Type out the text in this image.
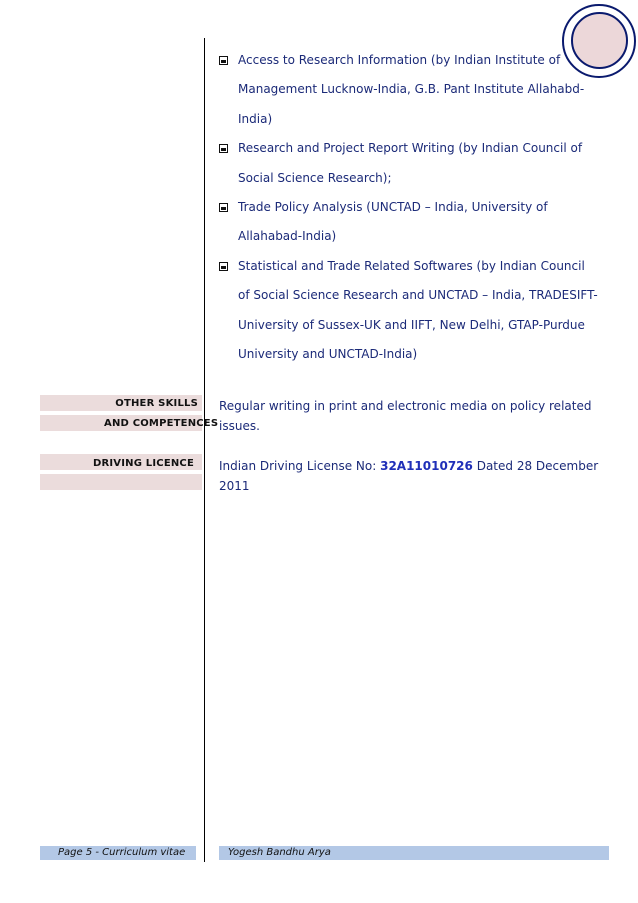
Access to Research Information (by Indian Institute of Management Lucknow-India, G.B. Pant Institute Allahabd-India)
Research and Project Report Writing (by Indian Council of Social Science Research);
Trade Policy Analysis (UNCTAD – India, University of Allahabad-India)
Statistical and Trade Related Softwares (by Indian Council of Social Science Research and UNCTAD – India, TRADESIFT- University of Sussex-UK and IIFT, New Delhi, GTAP-Purdue University and UNCTAD-India)
OTHER SKILLS
AND COMPETENCES
Regular writing in print and electronic media on policy related issues.
DRIVING LICENCE Indian Driving License No: 32A11010726 Dated 28 December 2011
Page 5 - Curriculum vitae	Yogesh Bandhu Arya
